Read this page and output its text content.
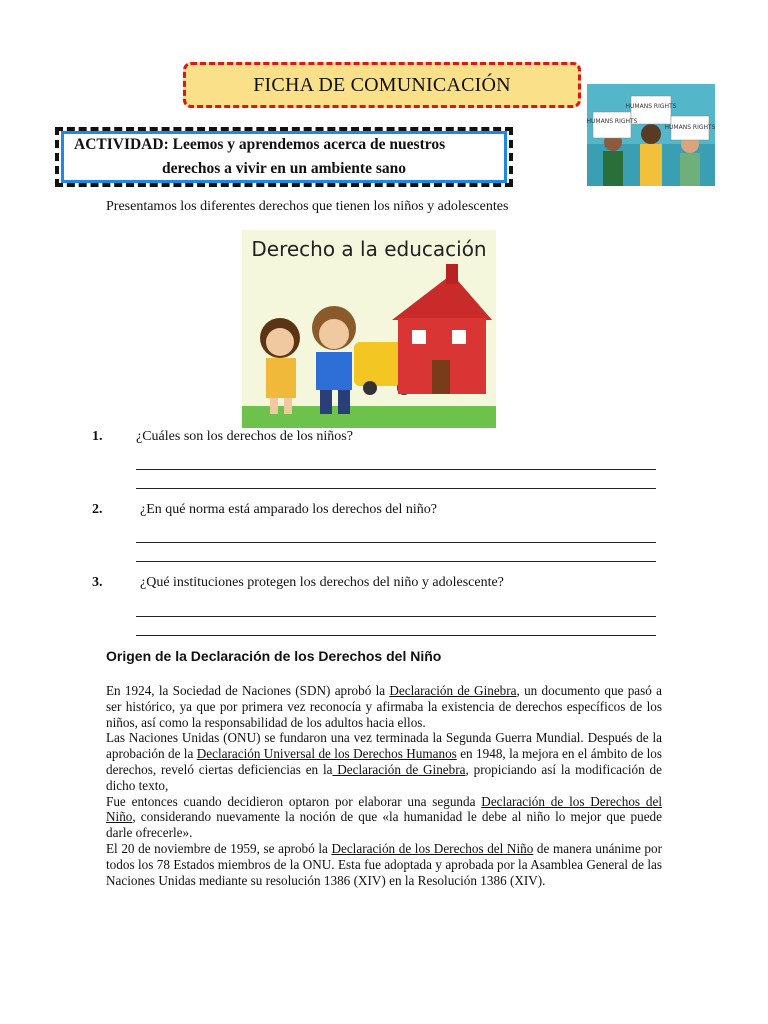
FICHA DE COMUNICACIÓN
ACTIVIDAD: Leemos y aprendemos acerca de nuestros
derechos a vivir en un ambiente sano
HUMANS RIGHTS
HUMANS RIGHTS
HUMANS RIGHTS
Presentamos los diferentes derechos que tienen los niños y adolescentes
Derecho a la educación
1. ¿Cuáles son los derechos de los niños?
2.	¿En qué norma está amparado los derechos del niño?
3.	¿Qué instituciones protegen los derechos del niño y adolescente?
Origen de la Declaración de los Derechos del Niño

En 1924, la Sociedad de Naciones (SDN) aprobó la Declaración de Ginebra, un documento que pasó a ser histórico, ya que por primera vez reconocía y afirmaba la existencia de derechos específicos de los niños, así como la responsabilidad de los adultos hacia ellos.

Las Naciones Unidas (ONU) se fundaron una vez terminada la Segunda Guerra Mundial. Después de la aprobación de la Declaración Universal de los Derechos Humanos en 1948, la mejora en el ámbito de los derechos, reveló ciertas deficiencias en la Declaración de Ginebra, propiciando así la modificación de dicho texto,

Fue entonces cuando decidieron optaron por elaborar una segunda Declaración de los Derechos del Niño, considerando nuevamente la noción de que «la humanidad le debe al niño lo mejor que puede darle ofrecerle».

El 20 de noviembre de 1959, se aprobó la Declaración de los Derechos del Niño de manera unánime por todos los 78 Estados miembros de la ONU. Esta fue adoptada y aprobada por la Asamblea General de las Naciones Unidas mediante su resolución 1386 (XIV) en la Resolución 1386 (XIV).
